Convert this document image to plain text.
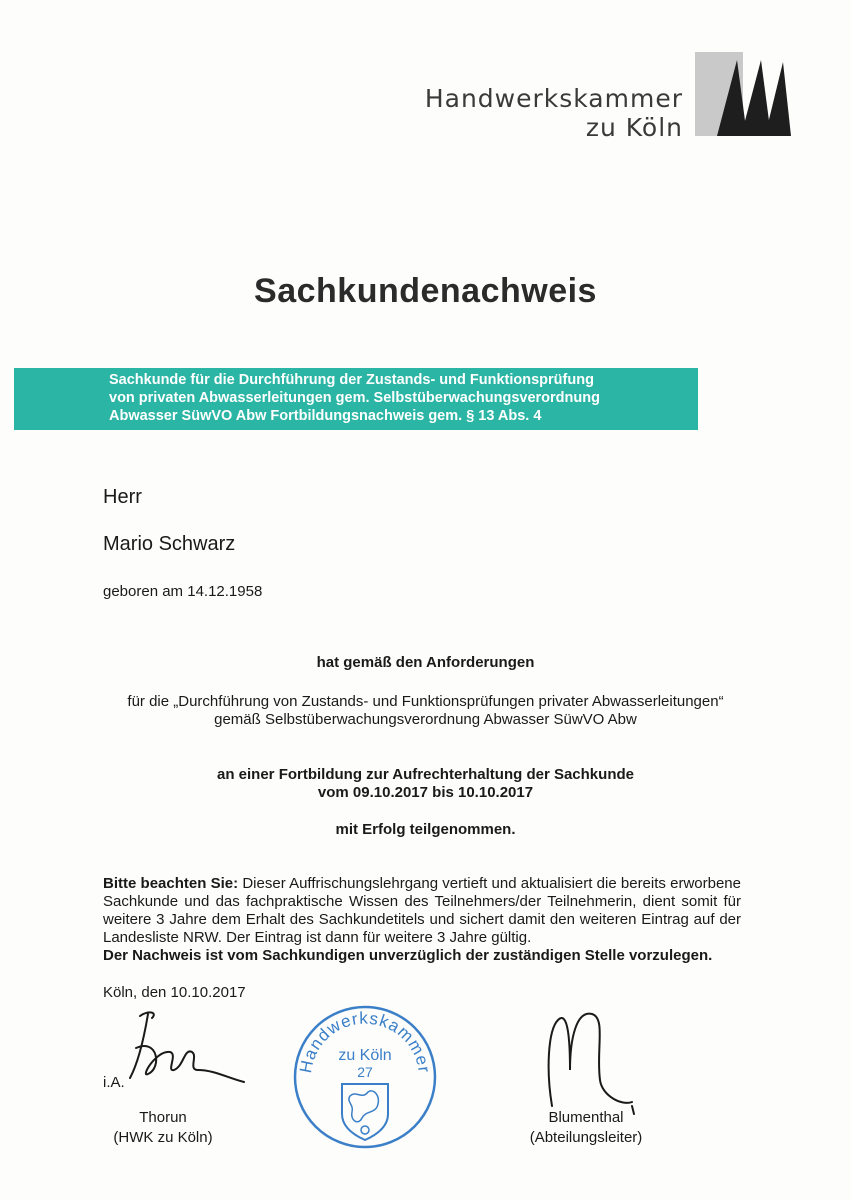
Handwerkskammer
zu Köln
Sachkundenachweis
Sachkunde für die Durchführung der Zustands- und Funktionsprüfung
von privaten Abwasserleitungen gem. Selbstüberwachungsverordnung
Abwasser SüwVO Abw Fortbildungsnachweis gem. § 13 Abs. 4
Herr
Mario Schwarz
geboren am 14.12.1958
hat gemäß den Anforderungen
für die „Durchführung von Zustands- und Funktionsprüfungen privater Abwasserleitungen“
gemäß Selbstüberwachungsverordnung Abwasser SüwVO Abw
an einer Fortbildung zur Aufrechterhaltung der Sachkunde
vom 09.10.2017 bis 10.10.2017
mit Erfolg teilgenommen.
Bitte beachten Sie: Dieser Auffrischungslehrgang vertieft und aktualisiert die bereits erworbene Sachkunde und das fachpraktische Wissen des Teilnehmers/der Teilnehmerin, dient somit für weitere 3 Jahre dem Erhalt des Sachkundetitels und sichert damit den weiteren Eintrag auf der Landesliste NRW. Der Eintrag ist dann für weitere 3 Jahre gültig.
Der Nachweis ist vom Sachkundigen unverzüglich der zuständigen Stelle vorzulegen.
Köln, den 10.10.2017
i.A.
Thorun
(HWK zu Köln)
Handwerkskammer
zu Köln
27
Blumenthal
(Abteilungsleiter)
